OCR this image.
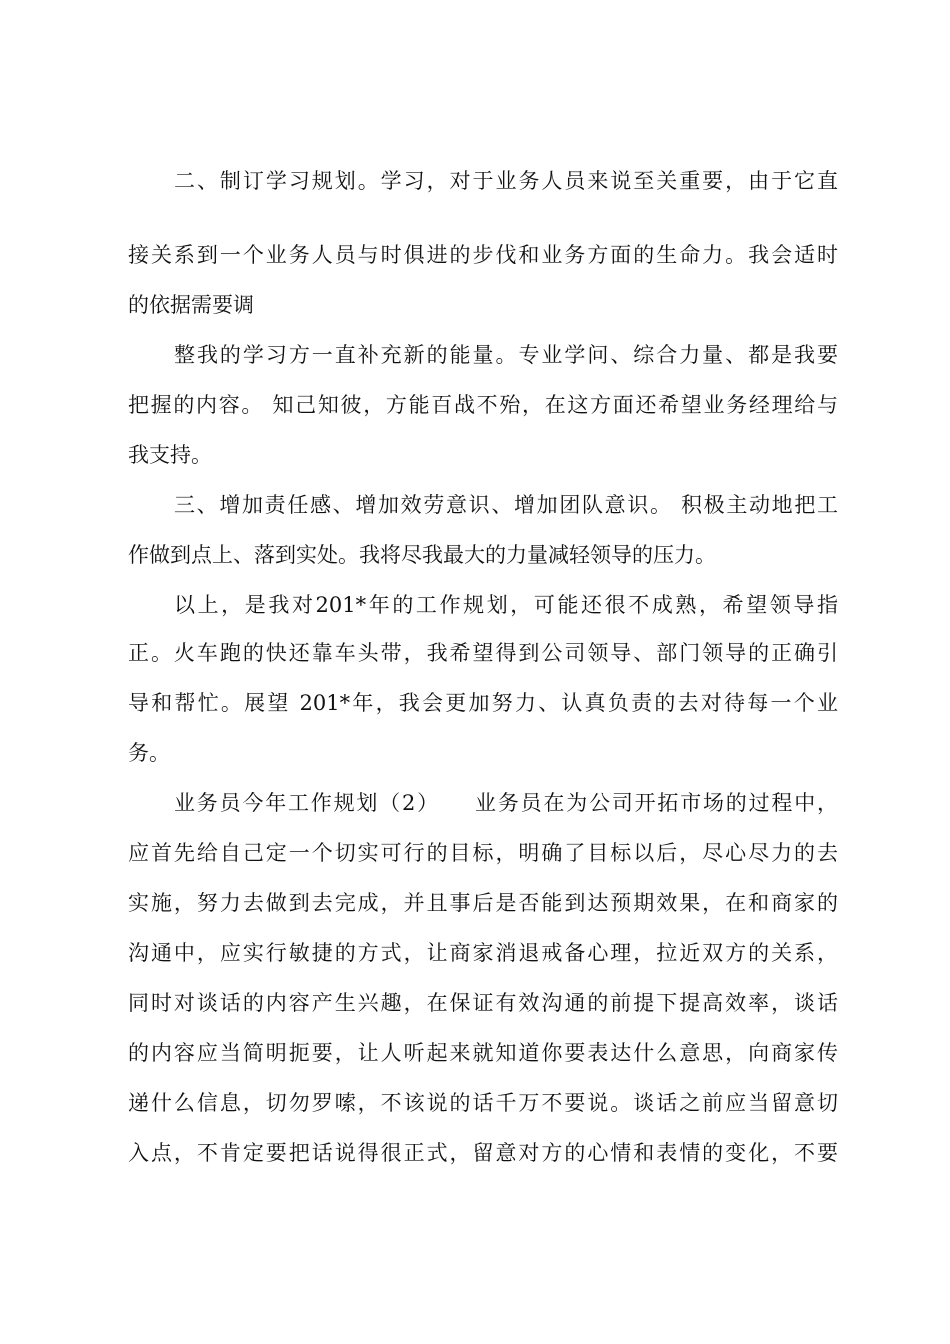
二、制订学习规划。学习，对于业务人员来说至关重要，由于它直
接关系到一个业务人员与时俱进的步伐和业务方面的生命力。我会适时
的依据需要调
整我的学习方一直补充新的能量。专业学问、综合力量、都是我要
把握的内容。 知己知彼，方能百战不殆，在这方面还希望业务经理给与
我支持。
三、增加责任感、增加效劳意识、增加团队意识。 积极主动地把工
作做到点上、落到实处。我将尽我最大的力量减轻领导的压力。
以上，是我对201*年的工作规划，可能还很不成熟，希望领导指
正。火车跑的快还靠车头带，我希望得到公司领导、部门领导的正确引
导和帮忙。展望 201*年，我会更加努力、认真负责的去对待每一个业
务。
业务员今年工作规划（2）　　业务员在为公司开拓市场的过程中，
应首先给自己定一个切实可行的目标，明确了目标以后，尽心尽力的去
实施，努力去做到去完成，并且事后是否能到达预期效果，在和商家的
沟通中，应实行敏捷的方式，让商家消退戒备心理，拉近双方的关系，
同时对谈话的内容产生兴趣，在保证有效沟通的前提下提高效率，谈话
的内容应当简明扼要，让人听起来就知道你要表达什么意思，向商家传
递什么信息，切勿罗嗦，不该说的话千万不要说。谈话之前应当留意切
入点，不肯定要把话说得很正式，留意对方的心情和表情的变化，不要
